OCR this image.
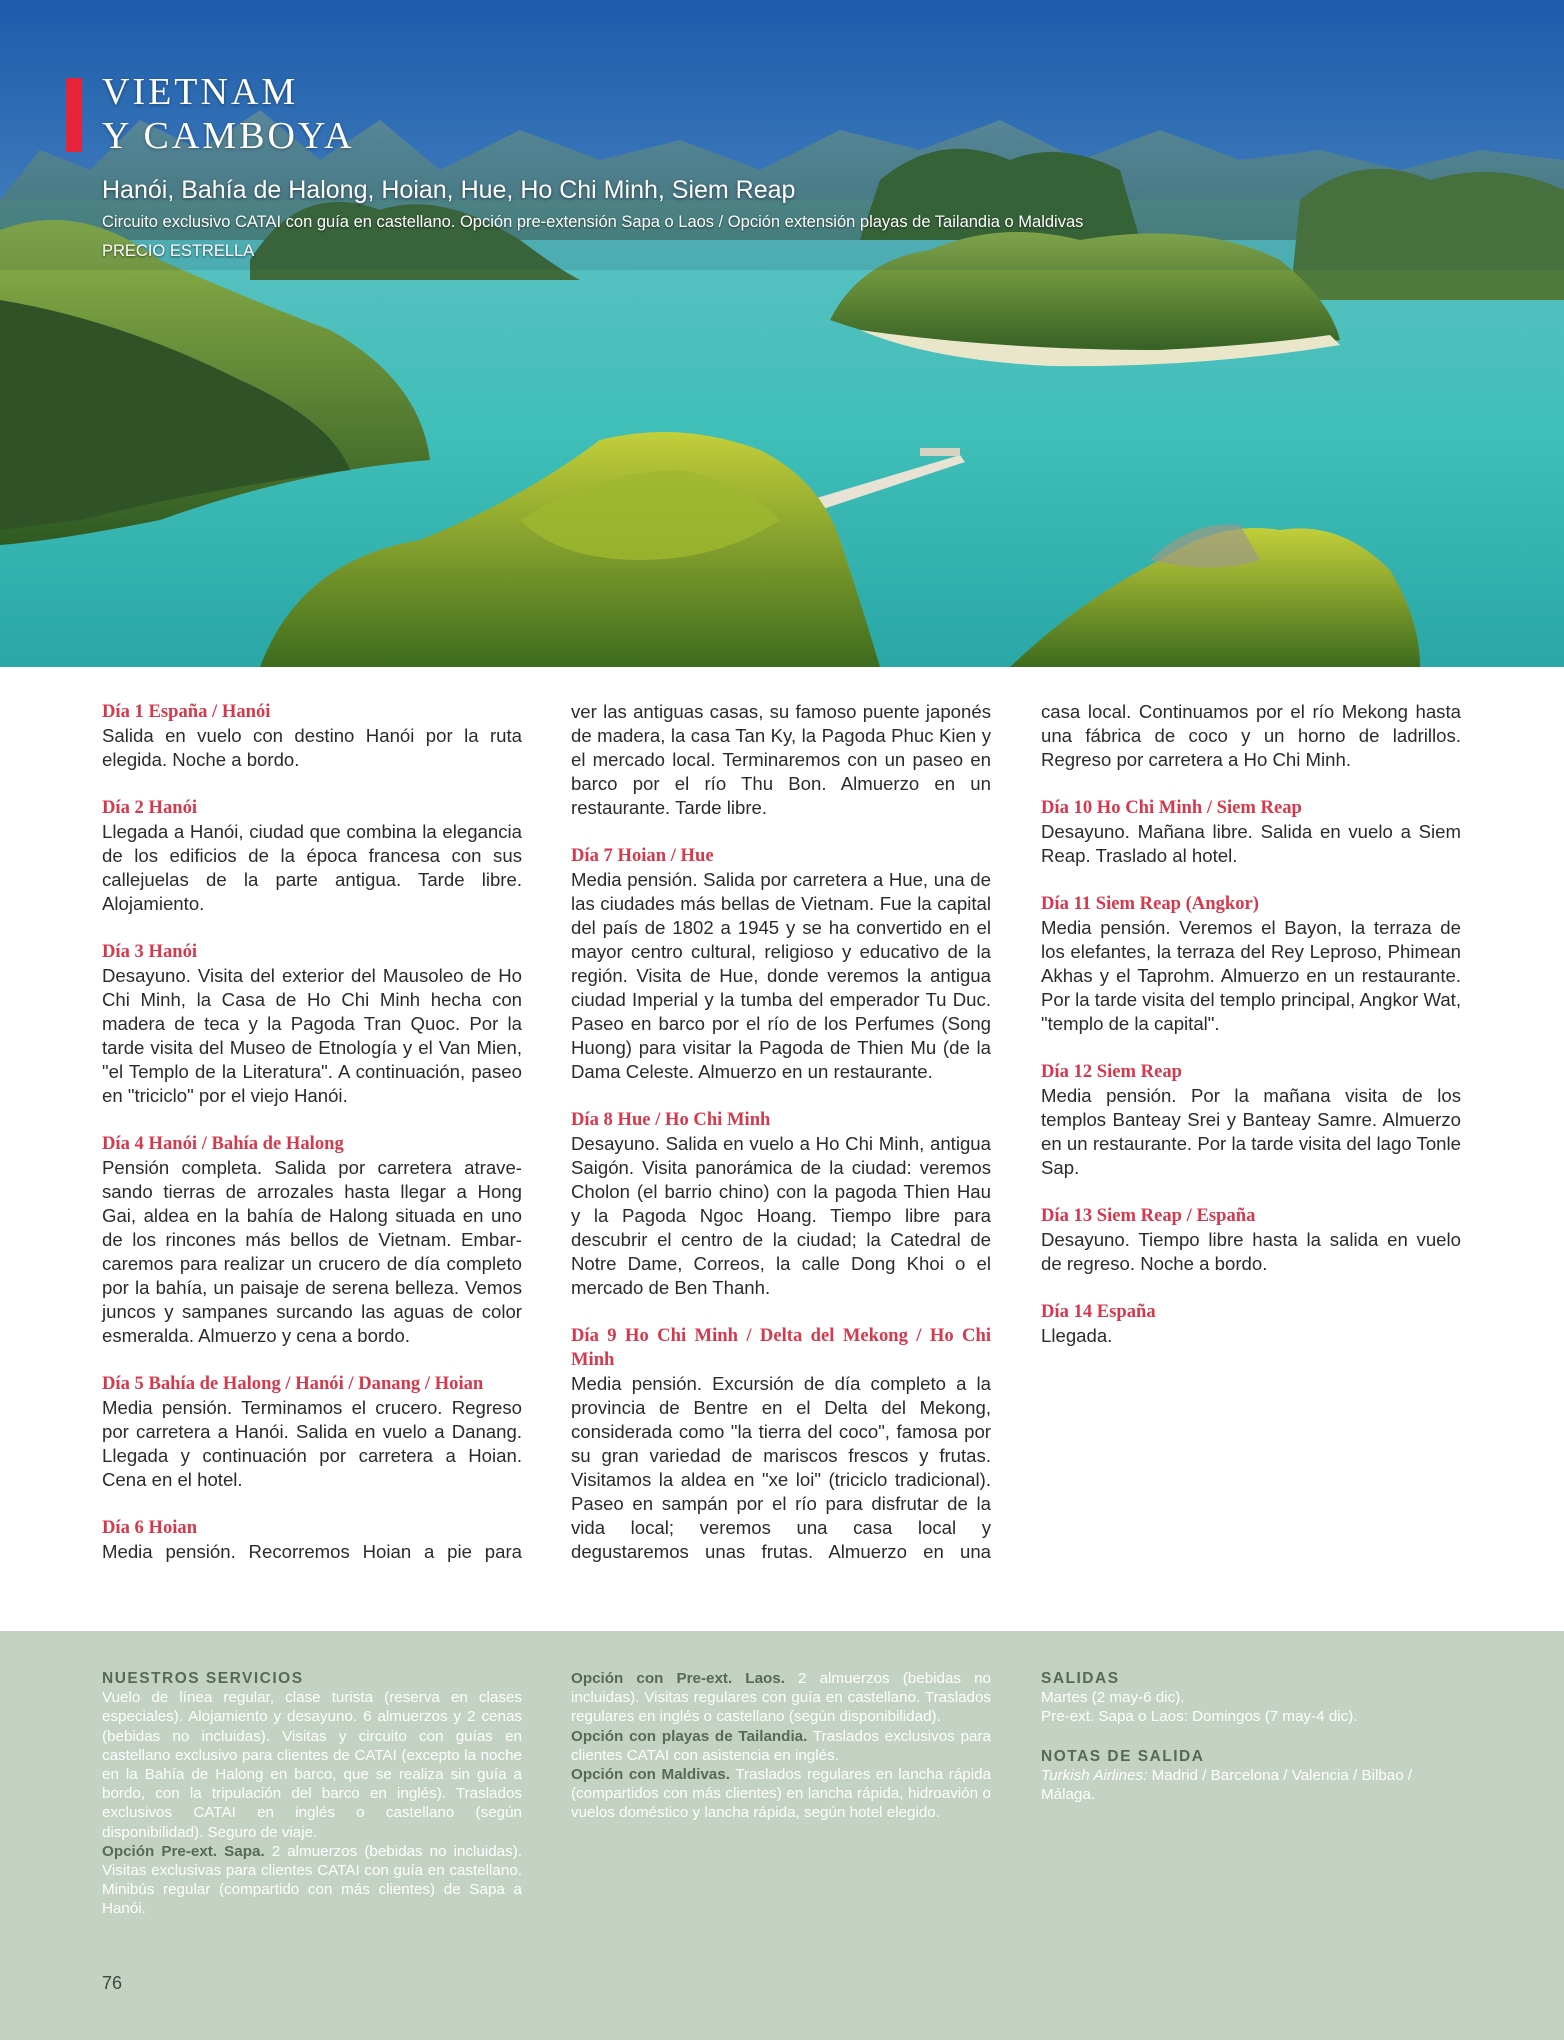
VIETNAM
Y CAMBOYA
Hanói, Bahía de Halong, Hoian, Hue, Ho Chi Minh, Siem Reap
Circuito exclusivo CATAI con guía en castellano. Opción pre-extensión Sapa o Laos / Opción extensión playas de Tailandia o Maldivas
PRECIO ESTRELLA
Día 1 España / Hanói
Salida en vuelo con destino Hanói por la ruta elegida. Noche a bordo.
Día 2 Hanói
Llegada a Hanói, ciudad que combina la elegancia de los edificios de la época francesa con sus callejuelas de la parte antigua. Tarde libre. Alojamiento.
Día 3 Hanói
Desayuno. Visita del exterior del Mausoleo de Ho Chi Minh, la Casa de Ho Chi Minh hecha con madera de teca y la Pagoda Tran Quoc. Por la tarde visita del Museo de Etnología y el Van Mien, "el Templo de la Literatura". A continuación, paseo en "triciclo" por el viejo Hanói.
Día 4 Hanói / Bahía de Halong
Pensión completa. Salida por carretera atravesando tierras de arrozales hasta llegar a Hong Gai, aldea en la bahía de Halong situada en uno de los rincones más bellos de Vietnam. Embarcaremos para realizar un crucero de día completo por la bahía, un paisaje de serena belleza. Vemos juncos y sampanes surcando las aguas de color esmeralda. Almuerzo y cena a bordo.
Día 5 Bahía de Halong / Hanói / Danang / Hoian
Media pensión. Terminamos el crucero. Regreso por carretera a Hanói. Salida en vuelo a Danang. Llegada y continuación por carretera a Hoian. Cena en el hotel.
Día 6 Hoian
Media pensión. Recorremos Hoian a pie para
ver las antiguas casas, su famoso puente japonés de madera, la casa Tan Ky, la Pagoda Phuc Kien y el mercado local. Terminaremos con un paseo en barco por el río Thu Bon. Almuerzo en un restaurante. Tarde libre.
Día 7 Hoian / Hue
Media pensión. Salida por carretera a Hue, una de las ciudades más bellas de Vietnam. Fue la capital del país de 1802 a 1945 y se ha convertido en el mayor centro cultural, religioso y educativo de la región. Visita de Hue, donde veremos la antigua ciudad Imperial y la tumba del emperador Tu Duc. Paseo en barco por el río de los Perfumes (Song Huong) para visitar la Pagoda de Thien Mu (de la Dama Celeste. Almuerzo en un restaurante.
Día 8 Hue / Ho Chi Minh
Desayuno. Salida en vuelo a Ho Chi Minh, antigua Saigón. Visita panorámica de la ciudad: veremos Cholon (el barrio chino) con la pagoda Thien Hau y la Pagoda Ngoc Hoang. Tiempo libre para descubrir el centro de la ciudad; la Catedral de Notre Dame, Correos, la calle Dong Khoi o el mercado de Ben Thanh.
Día 9 Ho Chi Minh / Delta del Mekong / Ho Chi Minh
Media pensión. Excursión de día completo a la provincia de Bentre en el Delta del Mekong, considerada como "la tierra del coco", famosa por su gran variedad de mariscos frescos y frutas. Visitamos la aldea en "xe loi" (triciclo tradicional). Paseo en sampán por el río para disfrutar de la vida local; veremos una casa local y degustaremos unas frutas. Almuerzo en una
casa local. Continuamos por el río Mekong hasta una fábrica de coco y un horno de ladrillos. Regreso por carretera a Ho Chi Minh.
Día 10 Ho Chi Minh / Siem Reap
Desayuno. Mañana libre. Salida en vuelo a Siem Reap. Traslado al hotel.
Día 11 Siem Reap (Angkor)
Media pensión. Veremos el Bayon, la terraza de los elefantes, la terraza del Rey Leproso, Phimean Akhas y el Taprohm. Almuerzo en un restaurante. Por la tarde visita del templo principal, Angkor Wat, "templo de la capital".
Día 12 Siem Reap
Media pensión. Por la mañana visita de los templos Banteay Srei y Banteay Samre. Almuerzo en un restaurante. Por la tarde visita del lago Tonle Sap.
Día 13 Siem Reap / España
Desayuno. Tiempo libre hasta la salida en vuelo de regreso. Noche a bordo.
Día 14 España
Llegada.
NUESTROS SERVICIOS
Vuelo de línea regular, clase turista (reserva en clases especiales). Alojamiento y desayuno. 6 almuerzos y 2 cenas (bebidas no incluidas). Visitas y circuito con guías en castellano exclusivo para clientes de CATAI (excepto la noche en la Bahía de Halong en barco, que se realiza sin guía a bordo, con la tripulación del barco en inglés). Traslados exclusivos CATAI en inglés o castellano (según disponibilidad). Seguro de viaje.
Opción Pre-ext. Sapa. 2 almuerzos (bebidas no incluidas). Visitas exclusivas para clientes CATAI con guía en castellano. Minibús regular (compartido con más clientes) de Sapa a Hanói.
Opción con Pre-ext. Laos. 2 almuerzos (bebidas no incluidas). Visitas regulares con guía en castellano. Traslados regulares en inglés o castellano (según disponibilidad).
Opción con playas de Tailandia. Traslados exclusivos para clientes CATAI con asistencia en inglés.
Opción con Maldivas. Traslados regulares en lancha rápida (compartidos con más clientes) en lancha rápida, hidroavión o vuelos doméstico y lancha rápida, según hotel elegido.
SALIDAS
Martes (2 may-6 dic).
Pre-ext. Sapa o Laos: Domingos (7 may-4 dic).
NOTAS DE SALIDA
Turkish Airlines: Madrid / Barcelona / Valencia / Bilbao / Málaga.
76
